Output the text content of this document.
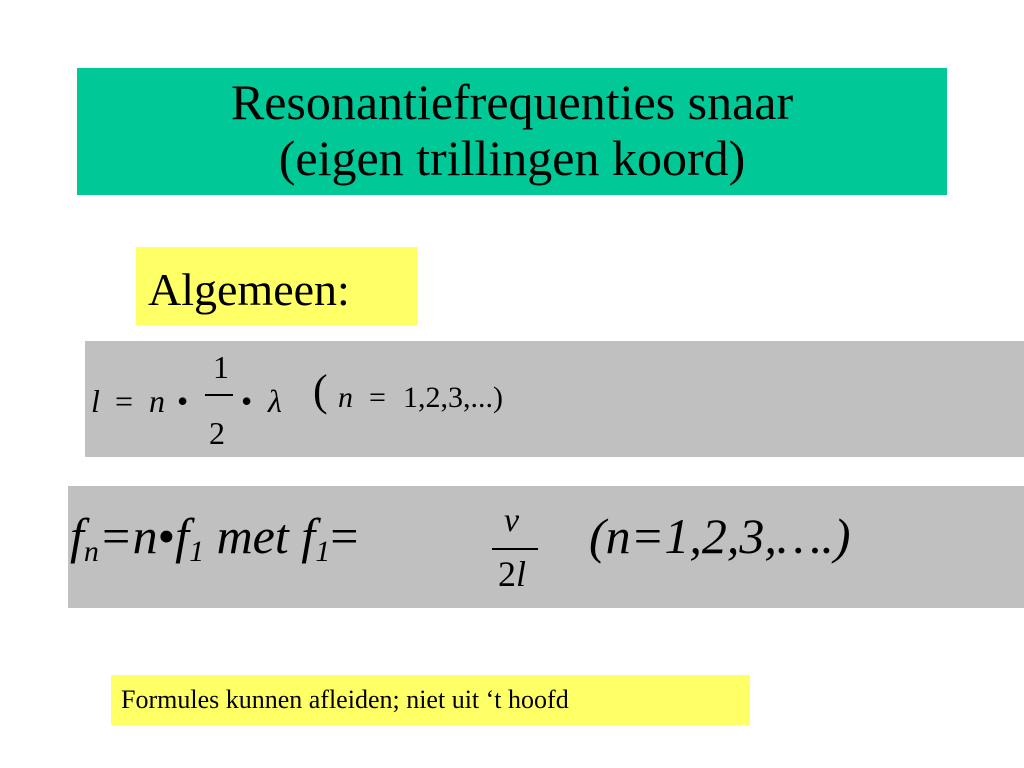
Resonantiefrequenties snaar
(eigen trillingen koord)
Algemeen:
l = n •
1
2
• λ ( n = 1,2,3,...)
$f_n=n•f_1$ met $f_1=$	v
2l
(n=1,2,3,….)
Formules kunnen afleiden; niet uit ‘t hoofd
